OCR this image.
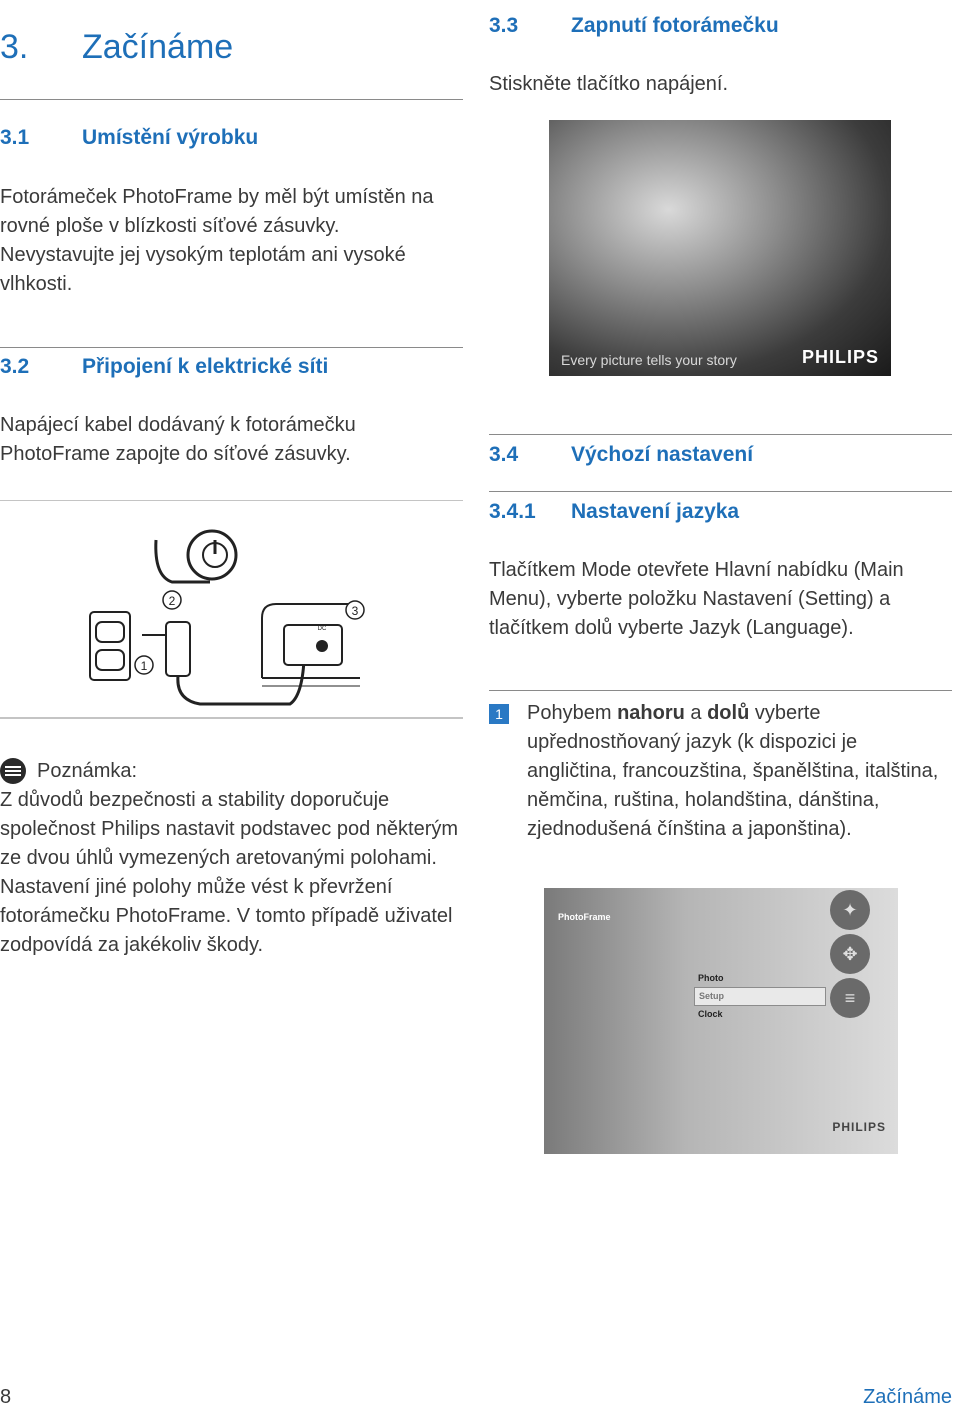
3. Začínáme
3.1	Umístění výrobku
Fotorámeček PhotoFrame by měl být umístěn na rovné ploše v blízkosti síťové zásuvky. Nevystavujte jej vysokým teplotám ani vysoké vlhkosti.
3.2	Připojení k elektrické síti
Napájecí kabel dodávaný k fotorámečku PhotoFrame zapojte do síťové zásuvky.
1
2
3
DC
Poznámka:
Z důvodů bezpečnosti a stability doporučuje společnost Philips nastavit podstavec pod některým ze dvou úhlů vymezených aretovanými polohami. Nastavení jiné polohy může vést k převržení fotorámečku PhotoFrame. V tomto případě uživatel zodpovídá za jakékoliv škody.
3.3	Zapnutí fotorámečku
Stiskněte tlačítko napájení.
Every picture tells your story	PHILIPS
3.4	Výchozí nastavení
3.4.1 Nastavení jazyka
Tlačítkem Mode otevřete Hlavní nabídku (Main Menu), vyberte položku Nastavení (Setting) a tlačítkem dolů vyberte Jazyk (Language).
1	Pohybem nahoru a dolů vyberte upřednostňovaný jazyk (k dispozici je angličtina, francouzština, španělština, italština, němčina, ruština, holandština, dánština, zjednodušená čínština a japonština).
PhotoFrame	✦
✥
≡
Photo
Setup
Clock
PHILIPS
8	Začínáme
